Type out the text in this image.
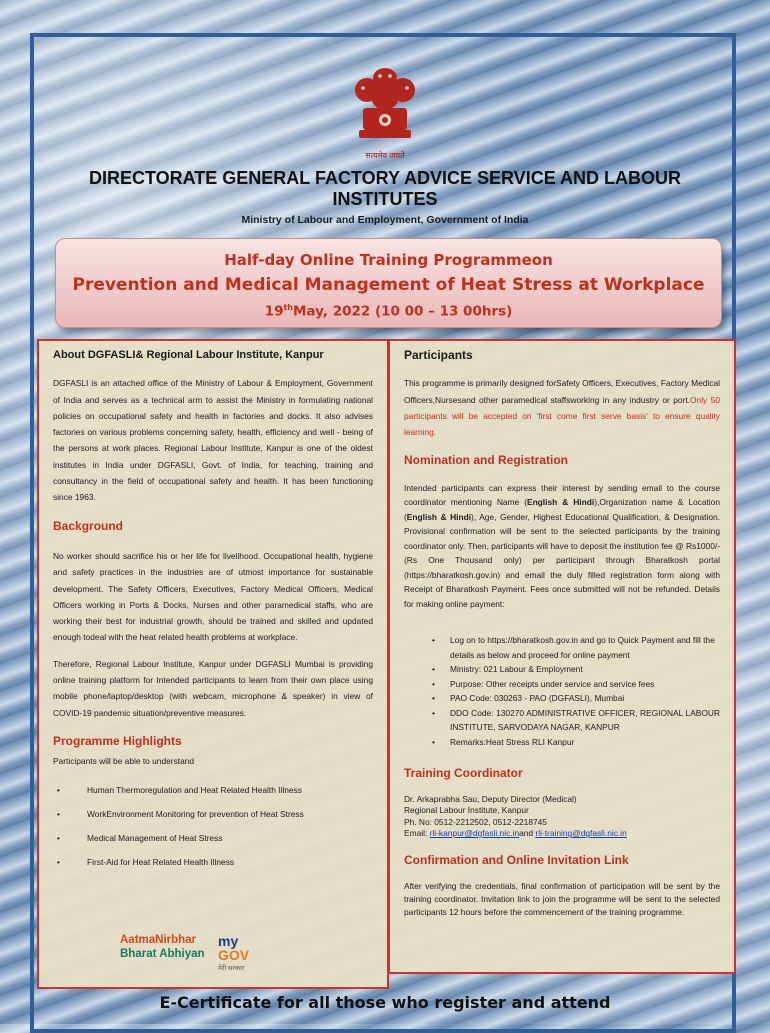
सत्यमेव जयते
DIRECTORATE GENERAL FACTORY ADVICE SERVICE AND LABOUR INSTITUTES
Ministry of Labour and Employment, Government of India
Half-day Online Training Programmeon
Prevention and Medical Management of Heat Stress at Workplace
19thMay, 2022 (10 00 – 13 00hrs)
About DGFASLI& Regional Labour Institute, Kanpur

DGFASLI is an attached office of the Ministry of Labour & Employment, Government of India and serves as a technical arm to assist the Ministry in formulating national policies on occupational safety and health in factories and docks. It also advises factories on various problems concerning safety, health, efficiency and well - being of the persons at work places. Regional Labour Institute, Kanpur is one of the oldest institutes in India under DGFASLI, Govt. of India, for teaching, training and consultancy in the field of occupational safety and health. It has been functioning since 1963.

Background

No worker should sacrifice his or her life for livelihood. Occupational health, hygiene and safety practices in the industries are of utmost importance for sustainable development. The Safety Officers, Executives, Factory Medical Officers, Medical Officers working in Ports & Docks, Nurses and other paramedical staffs, who are working their best for industrial growth, should be trained and skilled and updated enough todeal with the heat related health problems at workplace.

Therefore, Regional Labour Institute, Kanpur under DGFASLI Mumbai is providing online training platform for Intended participants to learn from their own place using mobile phone/laptop/desktop (with webcam, microphone & speaker) in view of COVID-19 pandemic situation/preventive measures.

Programme Highlights

Participants will be able to understand

• Human Thermoregulation and Heat Related Health Illness
• WorkEnvironment Monitoring for prevention of Heat Stress
• Medical Management of Heat Stress
• First-Aid for Heat Related Health Illness
AatmaNirbhar
Bharat Abhiyan
my
GOV
मेरी सरकार
Participants

This programme is primarily designed forSafety Officers, Executives, Factory Medical Officers,Nursesand other paramedical staffsworking in any industry or port.Only 50 participants will be accepted on 'first come first serve basis' to ensure quality learning.

Nomination and Registration

Intended participants can express their interest by sending email to the course coordinator mentioning Name (English & Hindi),Organization name & Location (English & Hindi), Age, Gender, Highest Educational Qualification, & Designation. Provisional confirmation will be sent to the selected participants by the training coordinator only. Then, participants will have to deposit the institution fee @ Rs1000/- (Rs One Thousand only) per participant through Bharatkosh portal (https://bharatkosh.gov.in) and email the duly filled registration form along with Receipt of Bharatkosh Payment. Fees once submitted will not be refunded. Details for making online payment:

• Log on to https://bharatkosh.gov.in and go to Quick Payment and fill the details as below and proceed for online payment
• Ministry: 021 Labour & Employment
• Purpose: Other receipts under service and service fees
• PAO Code: 030263 - PAO (DGFASLI), Mumbai
• DDO Code: 130270 ADMINISTRATIVE OFFICER, REGIONAL LABOUR INSTITUTE, SARVODAYA NAGAR, KANPUR
• Remarks:Heat Stress RLI Kanpur
Training Coordinator
Dr. Arkaprabha Sau, Deputy Director (Medical)
Regional Labour Institute, Kanpur
Ph. No: 0512-2212502, 0512-2218745
Email: rli-kanpur@dgfasli.nic.inand rli-training@dgfasli.nic.in
Confirmation and Online Invitation Link

After verifying the credentials, final confirmation of participation will be sent by the training coordinator. Invitation link to join the programme will be sent to the selected participants 12 hours before the commencement of the training programme.

E-Certificate for all those who register and attend
